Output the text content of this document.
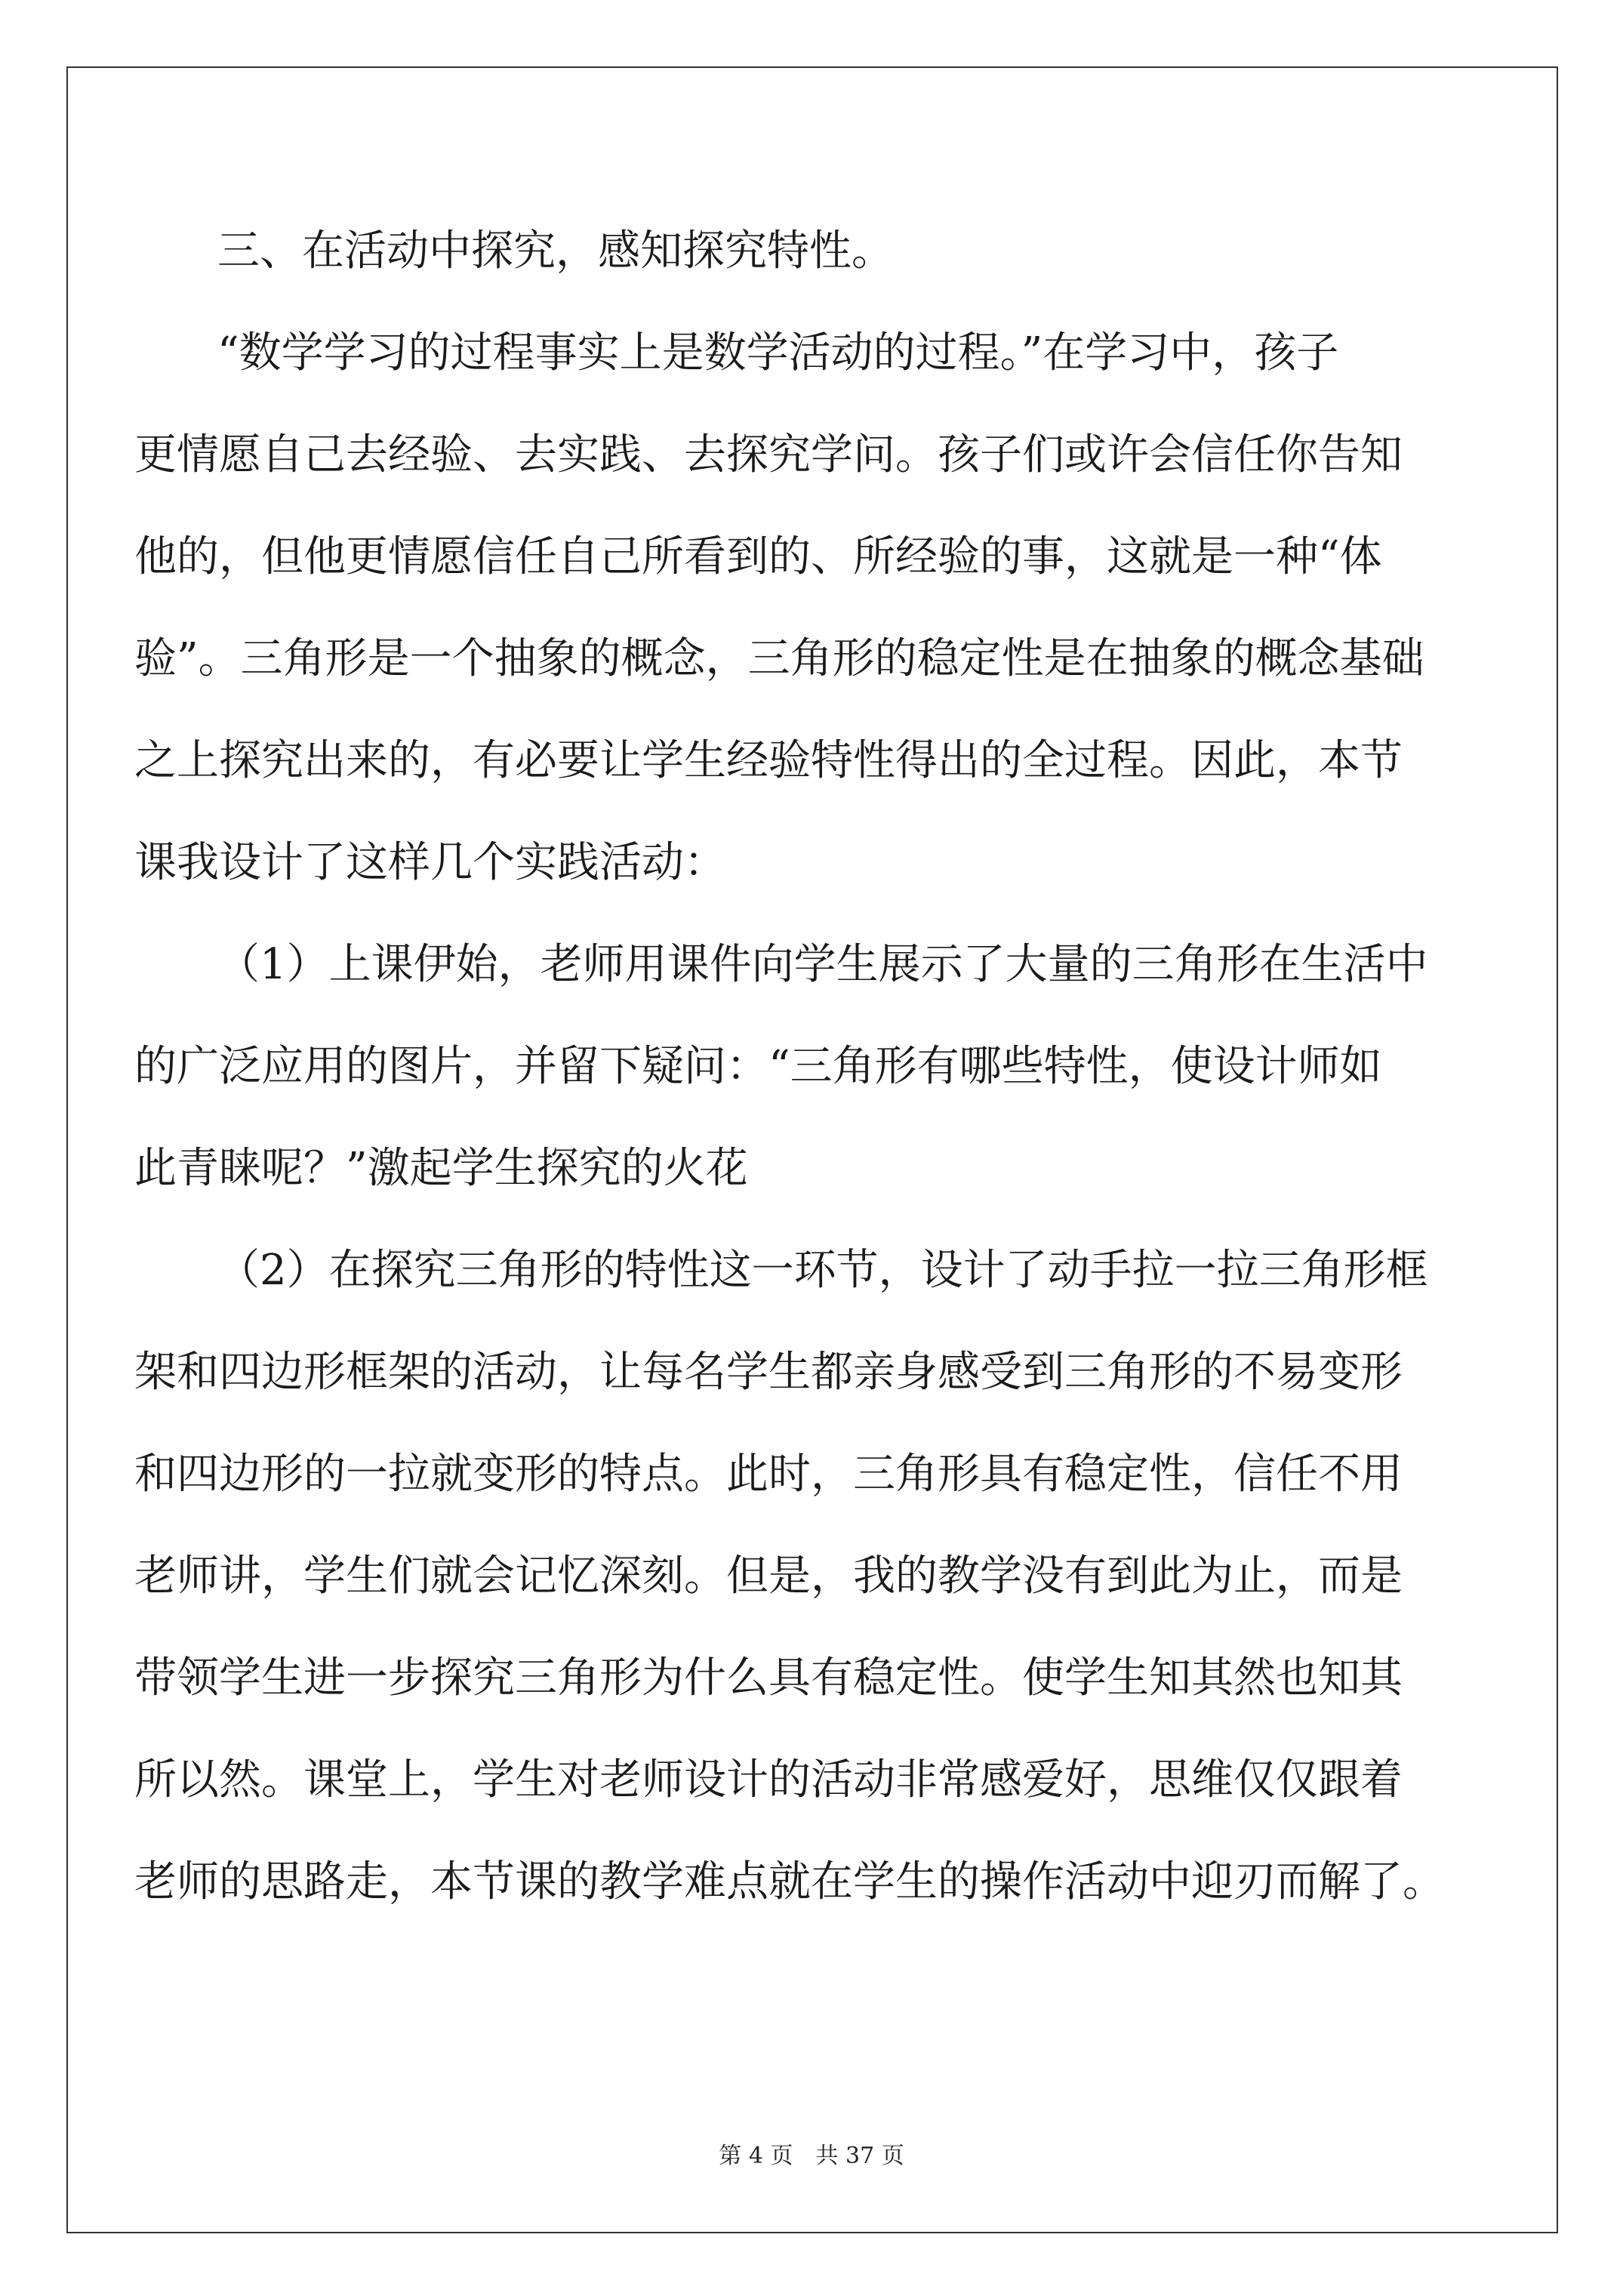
三、在活动中探究，感知探究特性。
“数学学习的过程事实上是数学活动的过程。”在学习中，孩子
更情愿自己去经验、去实践、去探究学问。孩子们或许会信任你告知
他的，但他更情愿信任自己所看到的、所经验的事，这就是一种“体
验”。三角形是一个抽象的概念，三角形的稳定性是在抽象的概念基础
之上探究出来的，有必要让学生经验特性得出的全过程。因此，本节
课我设计了这样几个实践活动：
（1）上课伊始，老师用课件向学生展示了大量的三角形在生活中
的广泛应用的图片，并留下疑问：“三角形有哪些特性，使设计师如
此青睐呢？”激起学生探究的火花
（2）在探究三角形的特性这一环节，设计了动手拉一拉三角形框
架和四边形框架的活动，让每名学生都亲身感受到三角形的不易变形
和四边形的一拉就变形的特点。此时，三角形具有稳定性，信任不用
老师讲，学生们就会记忆深刻。但是，我的教学没有到此为止，而是
带领学生进一步探究三角形为什么具有稳定性。使学生知其然也知其
所以然。课堂上，学生对老师设计的活动非常感爱好，思维仅仅跟着
老师的思路走，本节课的教学难点就在学生的操作活动中迎刃而解了。
第 4 页　共 37 页
